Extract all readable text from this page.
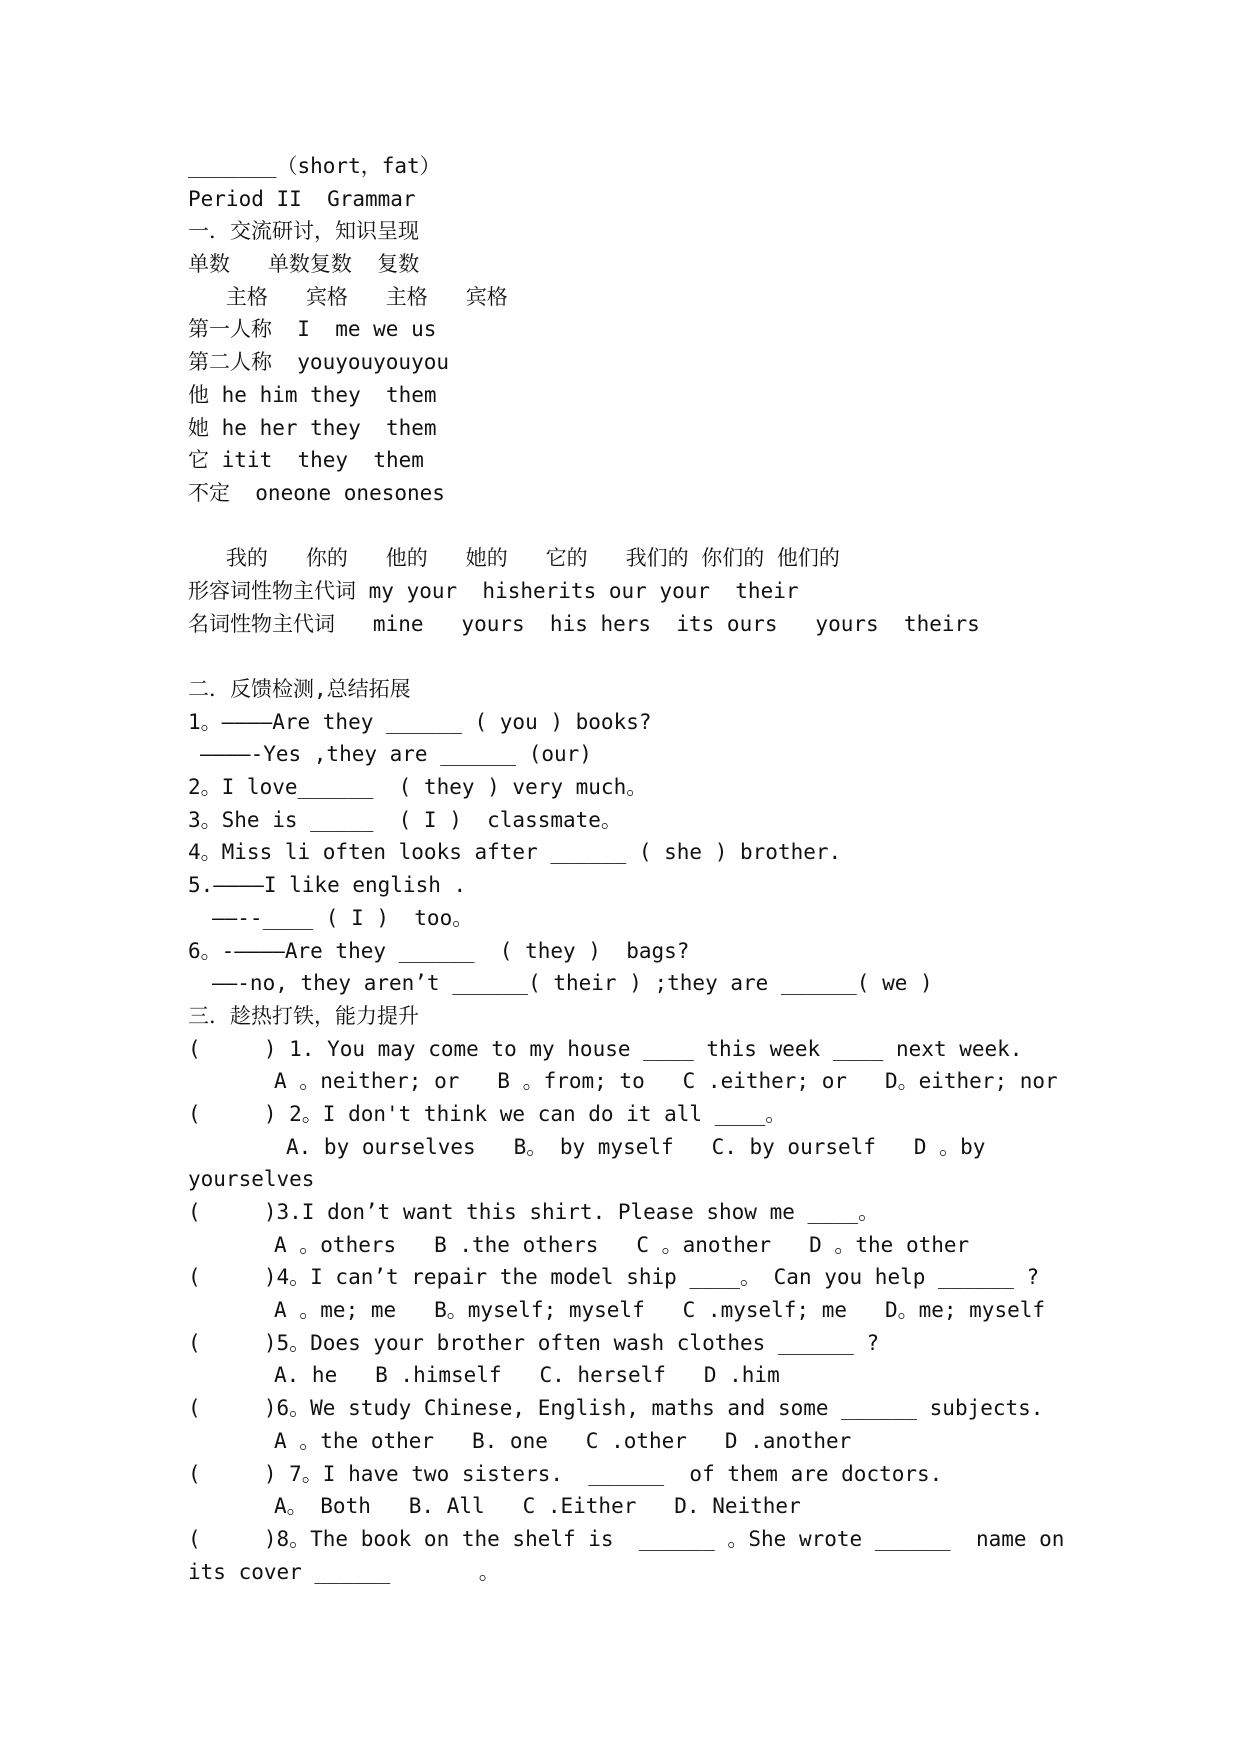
_______（short，fat）
Period II  Grammar
一．交流研讨，知识呈现
单数   单数复数  复数
主格   宾格   主格   宾格
第一人称  I  me we us
第二人称  youyouyouyou
他 he him they  them
她 he her they  them
它 itit  they  them
不定  oneone onesones
我的   你的   他的   她的   它的   我们的 你们的 他们的
形容词性物主代词 my your  hisherits our your  their
名词性物主代词   mine   yours  his hers  its ours   yours  theirs
二．反馈检测,总结拓展
1。————Are they ______ ( you ) books?
————-Yes ,they are ______ (our)
2。I love______  ( they ) very much。
3。She is _____  ( I )  classmate。
4。Miss li often looks after ______ ( she ) brother.
5.————I like english .
——--____ ( I )  too。
6。-————Are they ______  ( they )  bags?
——-no, they aren’t ______( their ) ;they are ______( we )
三．趁热打铁，能力提升
(     ) 1. You may come to my house ____ this week ____ next week.
A 。neither; or   B 。from; to   C .either; or   D。either; nor
(     ) 2。I don't think we can do it all ____。
A. by ourselves   B。 by myself   C. by ourself   D 。by
yourselves
(     )3.I don’t want this shirt. Please show me ____。
A 。others   B .the others   C 。another   D 。the other
(     )4。I can’t repair the model ship ____。 Can you help ______ ?
A 。me; me   B。myself; myself   C .myself; me   D。me; myself
(     )5。Does your brother often wash clothes ______ ?
A. he   B .himself   C. herself   D .him
(     )6。We study Chinese, English, maths and some ______ subjects.
A 。the other   B. one   C .other   D .another
(     ) 7。I have two sisters.  ______  of them are doctors.
A。 Both   B. All   C .Either   D. Neither
(     )8。The book on the shelf is  ______ 。She wrote ______  name on
its cover ______       。
